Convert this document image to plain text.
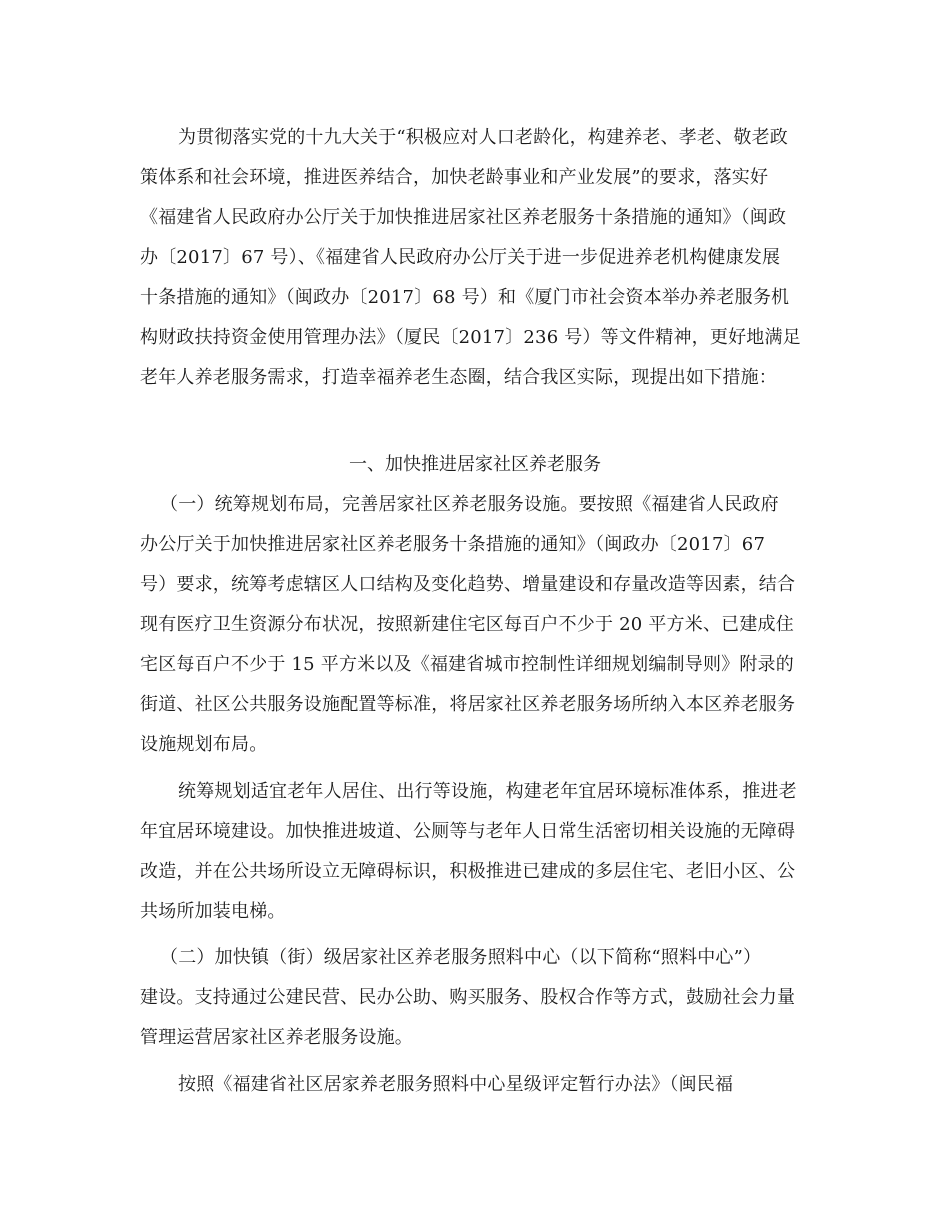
为贯彻落实党的十九大关于“积极应对人口老龄化，构建养老、孝老、敬老政
策体系和社会环境，推进医养结合，加快老龄事业和产业发展”的要求，落实好
《福建省人民政府办公厅关于加快推进居家社区养老服务十条措施的通知》（闽政
办〔2017〕67 号）、《福建省人民政府办公厅关于进一步促进养老机构健康发展
十条措施的通知》（闽政办〔2017〕68 号）和《厦门市社会资本举办养老服务机
构财政扶持资金使用管理办法》（厦民〔2017〕236 号）等文件精神，更好地满足
老年人养老服务需求，打造幸福养老生态圈，结合我区实际，现提出如下措施：
一、加快推进居家社区养老服务
（一）统筹规划布局，完善居家社区养老服务设施。要按照《福建省人民政府
办公厅关于加快推进居家社区养老服务十条措施的通知》（闽政办〔2017〕67
号）要求，统筹考虑辖区人口结构及变化趋势、增量建设和存量改造等因素，结合
现有医疗卫生资源分布状况，按照新建住宅区每百户不少于 20 平方米、已建成住
宅区每百户不少于 15 平方米以及《福建省城市控制性详细规划编制导则》附录的
街道、社区公共服务设施配置等标准，将居家社区养老服务场所纳入本区养老服务
设施规划布局。
统筹规划适宜老年人居住、出行等设施，构建老年宜居环境标准体系，推进老
年宜居环境建设。加快推进坡道、公厕等与老年人日常生活密切相关设施的无障碍
改造，并在公共场所设立无障碍标识，积极推进已建成的多层住宅、老旧小区、公
共场所加装电梯。
（二）加快镇（街）级居家社区养老服务照料中心（以下简称“照料中心”）
建设。支持通过公建民营、民办公助、购买服务、股权合作等方式，鼓励社会力量
管理运营居家社区养老服务设施。
按照《福建省社区居家养老服务照料中心星级评定暂行办法》（闽民福
